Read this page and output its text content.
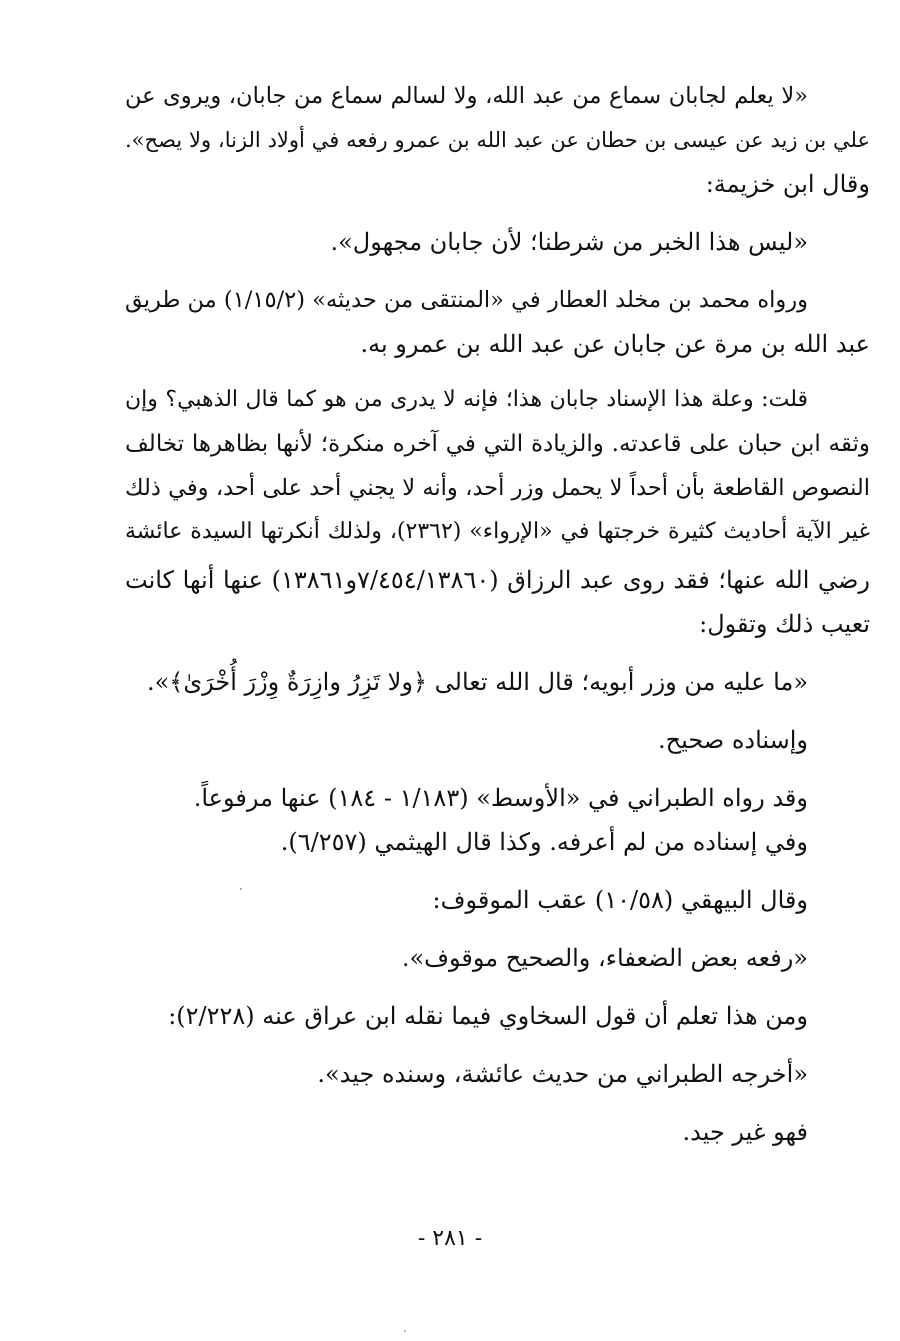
«لا يعلم لجابان سماع من عبد الله، ولا لسالم سماع من جابان، ويروى عن
علي بن زيد عن عيسى بن حطان عن عبد الله بن عمرو رفعه في أولاد الزنا، ولا يصح».
وقال ابن خزيمة:
«ليس هذا الخبر من شرطنا؛ لأن جابان مجهول».
ورواه محمد بن مخلد العطار في «المنتقى من حديثه» (١/١٥/٢) من طريق
عبد الله بن مرة عن جابان عن عبد الله بن عمرو به.
قلت: وعلة هذا الإسناد جابان هذا؛ فإنه لا يدرى من هو كما قال الذهبي؟ وإن
وثقه ابن حبان على قاعدته. والزيادة التي في آخره منكرة؛ لأنها بظاهرها تخالف
النصوص القاطعة بأن أحداً لا يحمل وزر أحد، وأنه لا يجني أحد على أحد، وفي ذلك
غير الآية أحاديث كثيرة خرجتها في «الإرواء» (٢٣٦٢)، ولذلك أنكرتها السيدة عائشة
رضي الله عنها؛ فقد روى عبد الرزاق (٧/٤٥٤/١٣٨٦٠و١٣٨٦١) عنها أنها كانت
تعيب ذلك وتقول:
«ما عليه من وزر أبويه؛ قال الله تعالى ﴿ولا تَزِرُ وازِرَةٌ وِزْرَ أُخْرَىٰ﴾».
وإسناده صحيح.
وقد رواه الطبراني في «الأوسط» (١/١٨٣ - ١٨٤) عنها مرفوعاً.
وفي إسناده من لم أعرفه. وكذا قال الهيثمي (٦/٢٥٧).
وقال البيهقي (١٠/٥٨) عقب الموقوف:
«رفعه بعض الضعفاء، والصحيح موقوف».
ومن هذا تعلم أن قول السخاوي فيما نقله ابن عراق عنه (٢/٢٢٨):
«أخرجه الطبراني من حديث عائشة، وسنده جيد».
فهو غير جيد.
- ٢٨١ -
